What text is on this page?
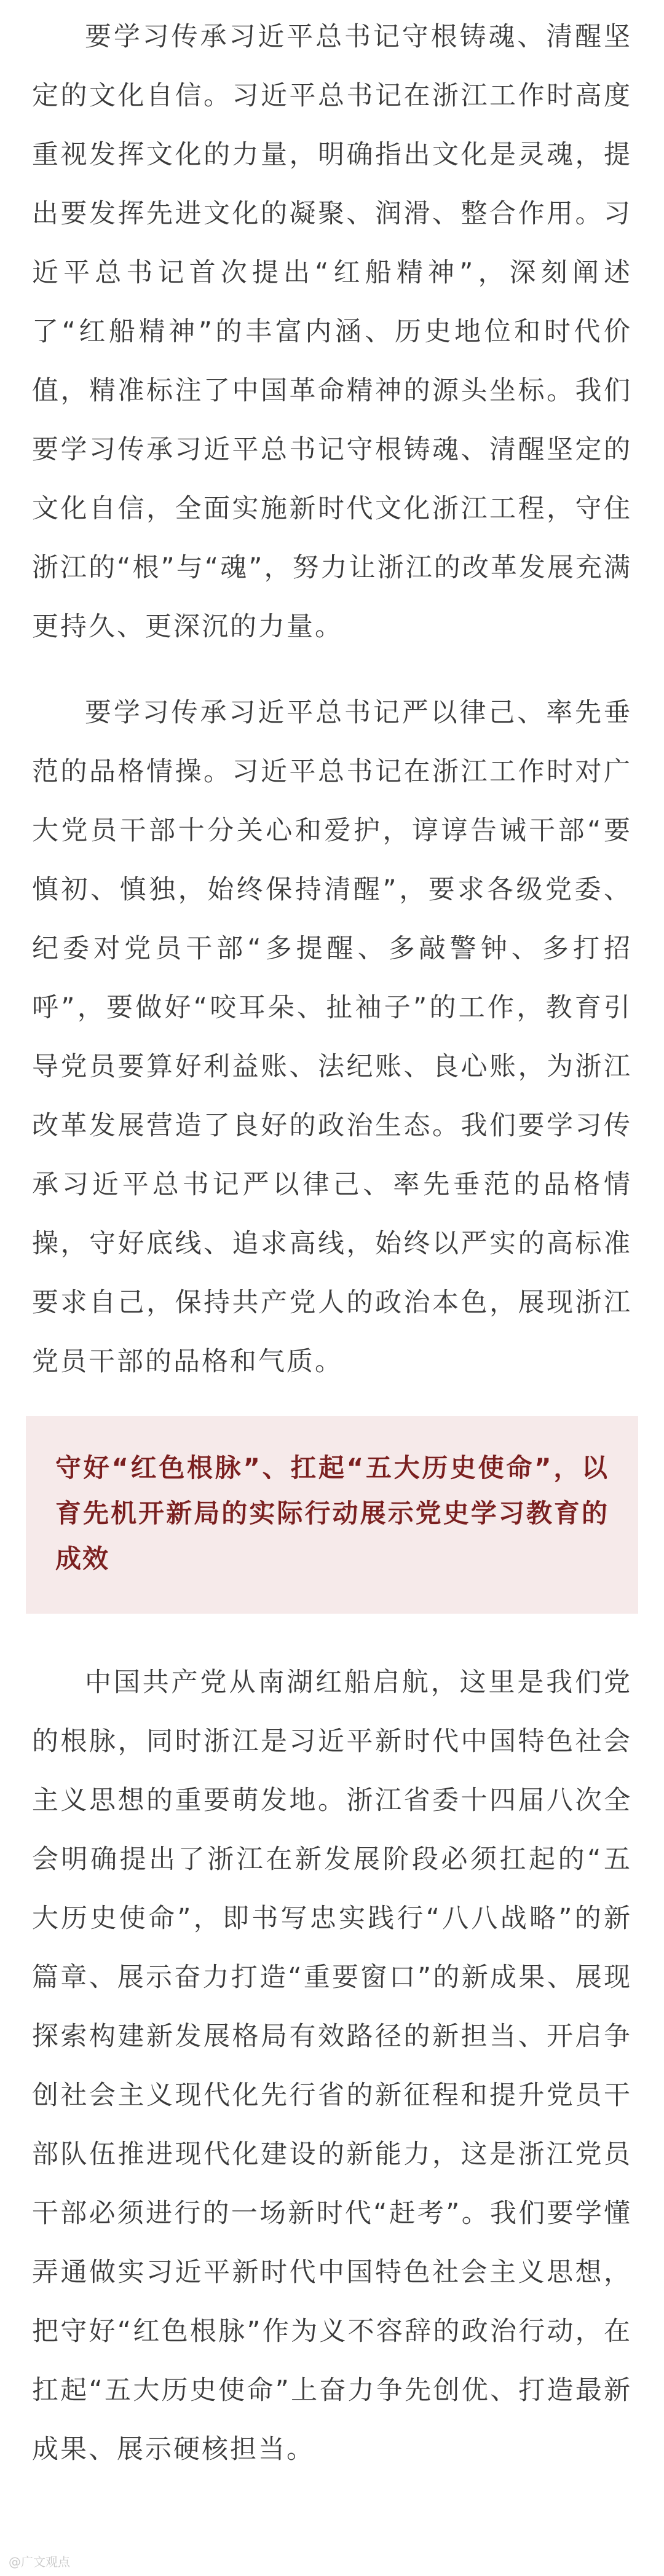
要学习传承习近平总书记守根铸魂、清醒坚定的文化自信。习近平总书记在浙江工作时高度重视发挥文化的力量，明确指出文化是灵魂，提出要发挥先进文化的凝聚、润滑、整合作用。习近平总书记首次提出“红船精神”，深刻阐述了“红船精神”的丰富内涵、历史地位和时代价值，精准标注了中国革命精神的源头坐标。我们要学习传承习近平总书记守根铸魂、清醒坚定的文化自信，全面实施新时代文化浙江工程，守住浙江的“根”与“魂”，努力让浙江的改革发展充满更持久、更深沉的力量。

要学习传承习近平总书记严以律己、率先垂范的品格情操。习近平总书记在浙江工作时对广大党员干部十分关心和爱护，谆谆告诫干部“要慎初、慎独，始终保持清醒”，要求各级党委、纪委对党员干部“多提醒、多敲警钟、多打招呼”，要做好“咬耳朵、扯袖子”的工作，教育引导党员要算好利益账、法纪账、良心账，为浙江改革发展营造了良好的政治生态。我们要学习传承习近平总书记严以律己、率先垂范的品格情操，守好底线、追求高线，始终以严实的高标准要求自己，保持共产党人的政治本色，展现浙江党员干部的品格和气质。

守好“红色根脉”、扛起“五大历史使命”，以育先机开新局的实际行动展示党史学习教育的成效

中国共产党从南湖红船启航，这里是我们党的根脉，同时浙江是习近平新时代中国特色社会主义思想的重要萌发地。浙江省委十四届八次全会明确提出了浙江在新发展阶段必须扛起的“五大历史使命”，即书写忠实践行“八八战略”的新篇章、展示奋力打造“重要窗口”的新成果、展现探索构建新发展格局有效路径的新担当、开启争创社会主义现代化先行省的新征程和提升党员干部队伍推进现代化建设的新能力，这是浙江党员干部必须进行的一场新时代“赶考”。我们要学懂弄通做实习近平新时代中国特色社会主义思想，把守好“红色根脉”作为义不容辞的政治行动，在扛起“五大历史使命”上奋力争先创优、打造最新成果、展示硬核担当。

@广文观点
